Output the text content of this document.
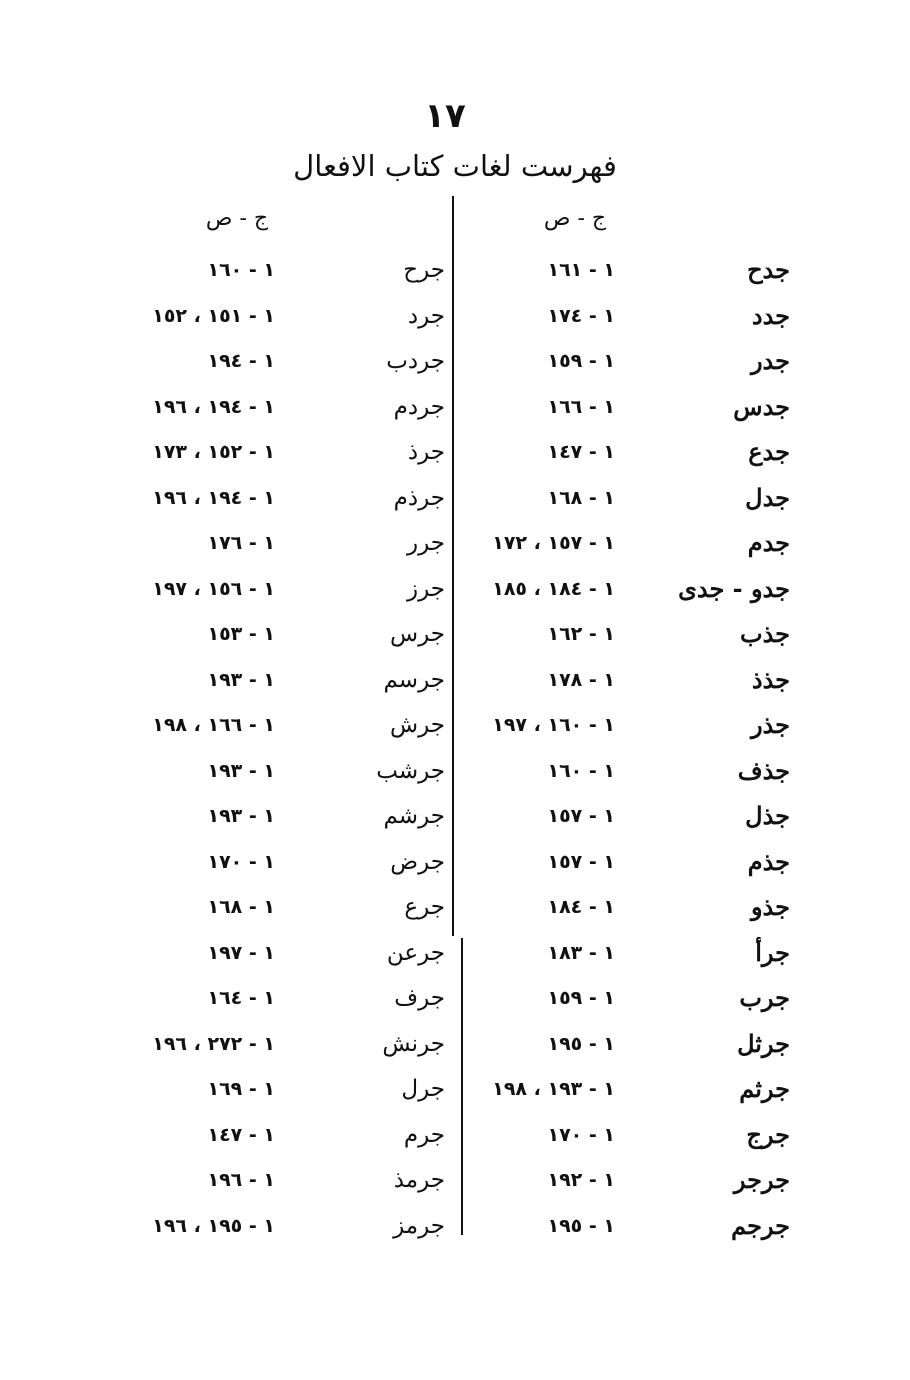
١٧
فهرست لغات كتاب الافعال
ج - ص
ج - ص
جدح
١ - ١٦١
جرح
١ - ١٦٠
جدد
١ - ١٧٤
جرد
١ - ١٥١ ، ١٥٢
جدر
١ - ١٥٩
جردب
١ - ١٩٤
جدس
١ - ١٦٦
جردم
١ - ١٩٤ ، ١٩٦
جدع
١ - ١٤٧
جرذ
١ - ١٥٢ ، ١٧٣
جدل
١ - ١٦٨
جرذم
١ - ١٩٤ ، ١٩٦
جدم
١ - ١٥٧ ، ١٧٢
جرر
١ - ١٧٦
جدو - جدى
١ - ١٨٤ ، ١٨٥
جرز
١ - ١٥٦ ، ١٩٧
جذب
١ - ١٦٢
جرس
١ - ١٥٣
جذذ
١ - ١٧٨
جرسم
١ - ١٩٣
جذر
١ - ١٦٠ ، ١٩٧
جرش
١ - ١٦٦ ، ١٩٨
جذف
١ - ١٦٠
جرشب
١ - ١٩٣
جذل
١ - ١٥٧
جرشم
١ - ١٩٣
جذم
١ - ١٥٧
جرض
١ - ١٧٠
جذو
١ - ١٨٤
جرع
١ - ١٦٨
جرأ
١ - ١٨٣
جرعن
١ - ١٩٧
جرب
١ - ١٥٩
جرف
١ - ١٦٤
جرثل
١ - ١٩٥
جرنش
١ - ٢٧٢ ، ١٩٦
جرثم
١ - ١٩٣ ، ١٩٨
جرل
١ - ١٦٩
جرج
١ - ١٧٠
جرم
١ - ١٤٧
جرجر
١ - ١٩٢
جرمذ
١ - ١٩٦
جرجم
١ - ١٩٥
جرمز
١ - ١٩٥ ، ١٩٦
